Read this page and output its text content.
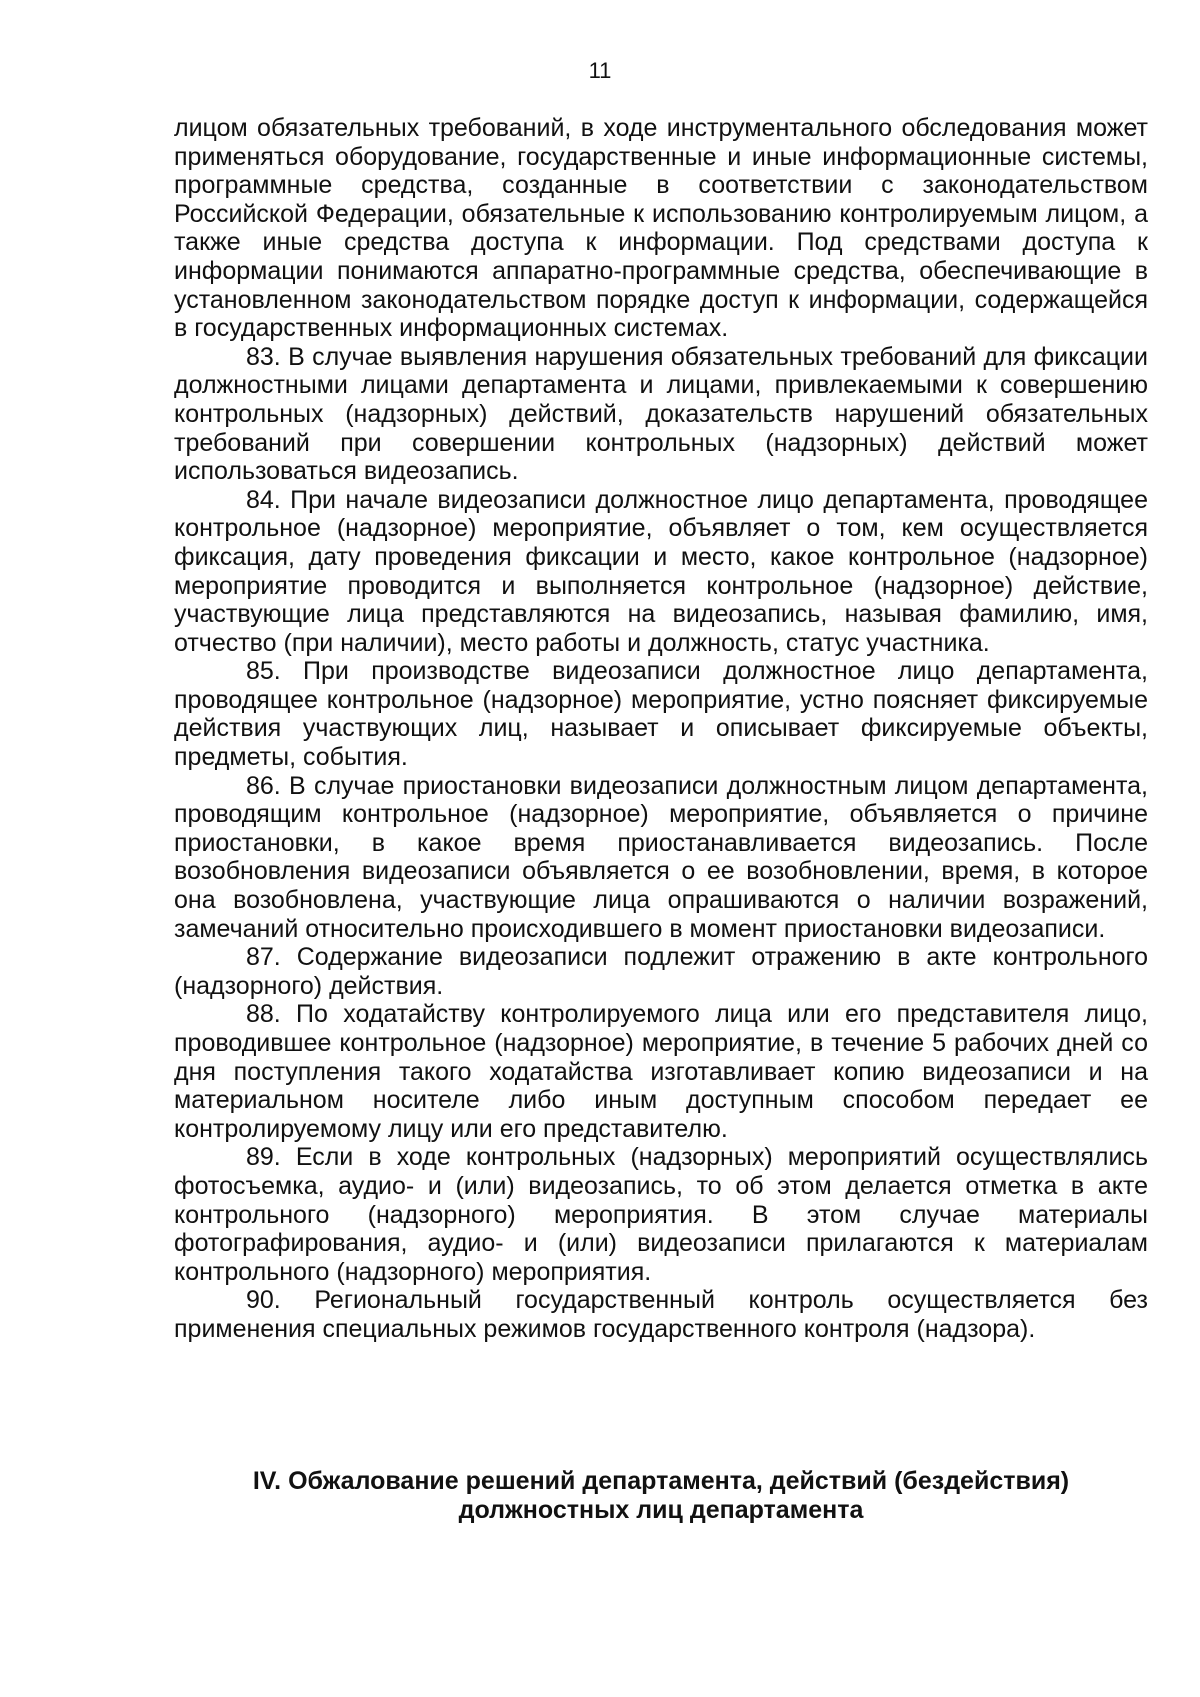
11

лицом обязательных требований, в ходе инструментального обследования может применяться оборудование, государственные и иные информационные системы, программные средства, созданные в соответствии с законодательством Российской Федерации, обязательные к использованию контролируемым лицом, а также иные средства доступа к информации. Под средствами доступа к информации понимаются аппаратно-программные средства, обеспечивающие в установленном законодательством порядке доступ к информации, содержащейся в государственных информационных системах.

83. В случае выявления нарушения обязательных требований для фиксации должностными лицами департамента и лицами, привлекаемыми к совершению контрольных (надзорных) действий, доказательств нарушений обязательных требований при совершении контрольных (надзорных) действий может использоваться видеозапись.

84. При начале видеозаписи должностное лицо департамента, проводящее контрольное (надзорное) мероприятие, объявляет о том, кем осуществляется фиксация, дату проведения фиксации и место, какое контрольное (надзорное) мероприятие проводится и выполняется контрольное (надзорное) действие, участвующие лица представляются на видеозапись, называя фамилию, имя, отчество (при наличии), место работы и должность, статус участника.

85. При производстве видеозаписи должностное лицо департамента, проводящее контрольное (надзорное) мероприятие, устно поясняет фиксируемые действия участвующих лиц, называет и описывает фиксируемые объекты, предметы, события.

86. В случае приостановки видеозаписи должностным лицом департамента, проводящим контрольное (надзорное) мероприятие, объявляется о причине приостановки, в какое время приостанавливается видеозапись. После возобновления видеозаписи объявляется о ее возобновлении, время, в которое она возобновлена, участвующие лица опрашиваются о наличии возражений, замечаний относительно происходившего в момент приостановки видеозаписи.

87. Содержание видеозаписи подлежит отражению в акте контрольного (надзорного) действия.

88. По ходатайству контролируемого лица или его представителя лицо, проводившее контрольное (надзорное) мероприятие, в течение 5 рабочих дней со дня поступления такого ходатайства изготавливает копию видеозаписи и на материальном носителе либо иным доступным способом передает ее контролируемому лицу или его представителю.

89. Если в ходе контрольных (надзорных) мероприятий осуществлялись фотосъемка, аудио- и (или) видеозапись, то об этом делается отметка в акте контрольного (надзорного) мероприятия. В этом случае материалы фотографирования, аудио- и (или) видеозаписи прилагаются к материалам контрольного (надзорного) мероприятия.

90. Региональный государственный контроль осуществляется без применения специальных режимов государственного контроля (надзора).

IV. Обжалование решений департамента, действий (бездействия)
должностных лиц департамента
